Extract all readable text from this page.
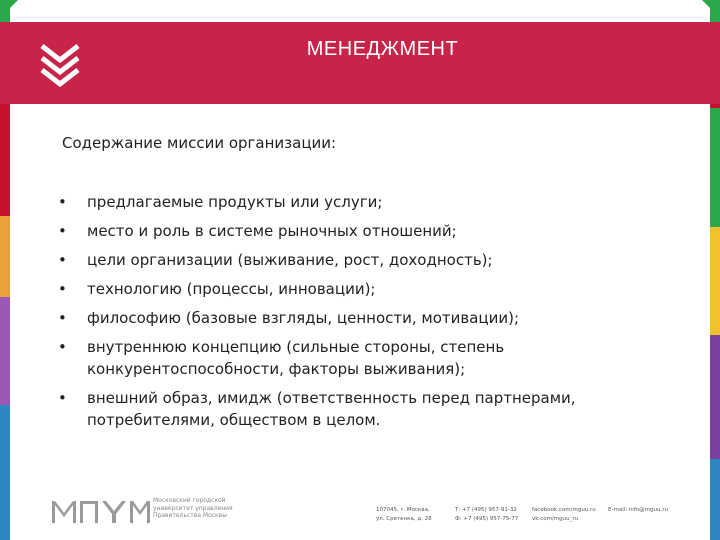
МЕНЕДЖМЕНТ
Содержание миссии организации:
• предлагаемые продукты или услуги;
• место и роль в системе рыночных отношений;
• цели организации (выживание, рост, доходность);
• технологию (процессы, инновации);
• философию (базовые взгляды, ценности, мотивации);
• внутреннюю концепцию (сильные стороны, степень конкурентоспособности, факторы выживания);
• внешний образ, имидж (ответственность перед партнерами, потребителями, обществом в целом.
Московский городской
университет управления
Правительства Москвы
107045, г. Москва,
ул. Сретенка, д. 28
Т: +7 (495) 957-91-32
Ф: +7 (495) 957-75-77
facebook.com/mguu.ru
vk.com/mguu_ru
E-mail: info@mguu.ru
